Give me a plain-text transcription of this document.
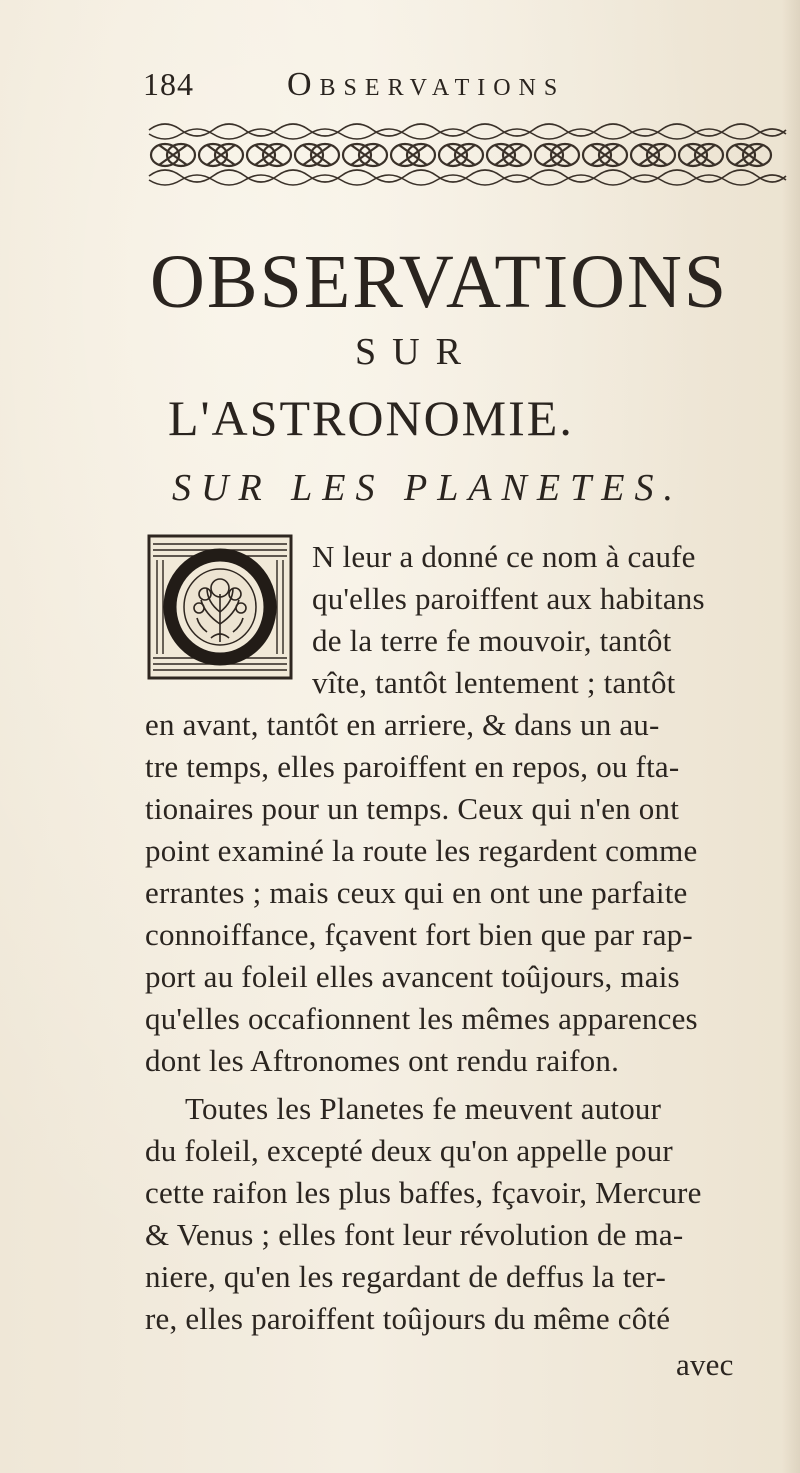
184	Observations
OBSERVATIONS
SUR
L'ASTRONOMIE.
SUR LES PLANETES.
N leur a donné ce nom à caufe
qu'elles paroiffent aux habitans
de la terre fe mouvoir, tantôt
vîte, tantôt lentement ; tantôt
en avant, tantôt en arriere, & dans un au-
tre temps, elles paroiffent en repos, ou fta-
tionaires pour un temps. Ceux qui n'en ont
point examiné la route les regardent comme
errantes ; mais ceux qui en ont une parfaite
connoiffance, fçavent fort bien que par rap-
port au foleil elles avancent toûjours, mais
qu'elles occafionnent les mêmes apparences
dont les Aftronomes ont rendu raifon.
Toutes les Planetes fe meuvent autour
du foleil, excepté deux qu'on appelle pour
cette raifon les plus baffes, fçavoir, Mercure
& Venus ; elles font leur révolution de ma-
niere, qu'en les regardant de deffus la ter-
re, elles paroiffent toûjours du même côté
avec
